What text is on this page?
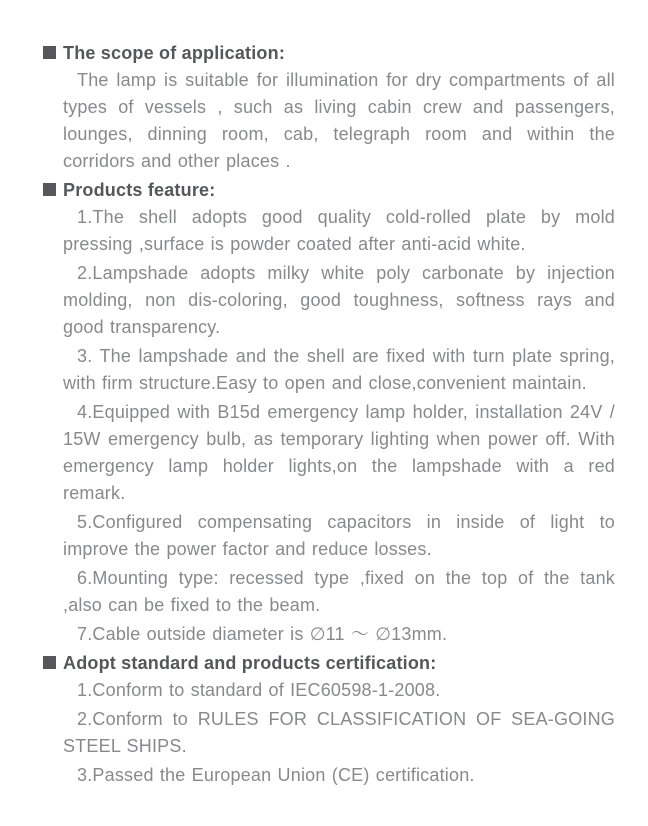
The scope of application:

The lamp is suitable for illumination for dry compartments of all types of vessels , such as living cabin crew and passengers, lounges, dinning room, cab, telegraph room and within the corridors and other places .

Products feature:

1.The shell adopts good quality cold-rolled plate by mold pressing ,surface is powder coated after anti-acid white.

2.Lampshade adopts milky white poly carbonate by injection molding, non dis-coloring, good toughness, softness rays and good transparency.

3. The lampshade and the shell are fixed with turn plate spring, with firm structure.Easy to open and close,convenient maintain.

4.Equipped with B15d emergency lamp holder, installation 24V / 15W emergency bulb, as temporary lighting when power off. With emergency lamp holder lights,on the lampshade with a red remark.

5.Configured compensating capacitors in inside of light to improve the power factor and reduce losses.

6.Mounting type: recessed type ,fixed on the top of the tank ,also can be fixed to the beam.

7.Cable outside diameter is ∅11 ～ ∅13mm.

Adopt standard and products certification:

1.Conform to standard of IEC60598-1-2008.

2.Conform to RULES FOR CLASSIFICATION OF SEA-GOING STEEL SHIPS.

3.Passed the European Union (CE) certification.
